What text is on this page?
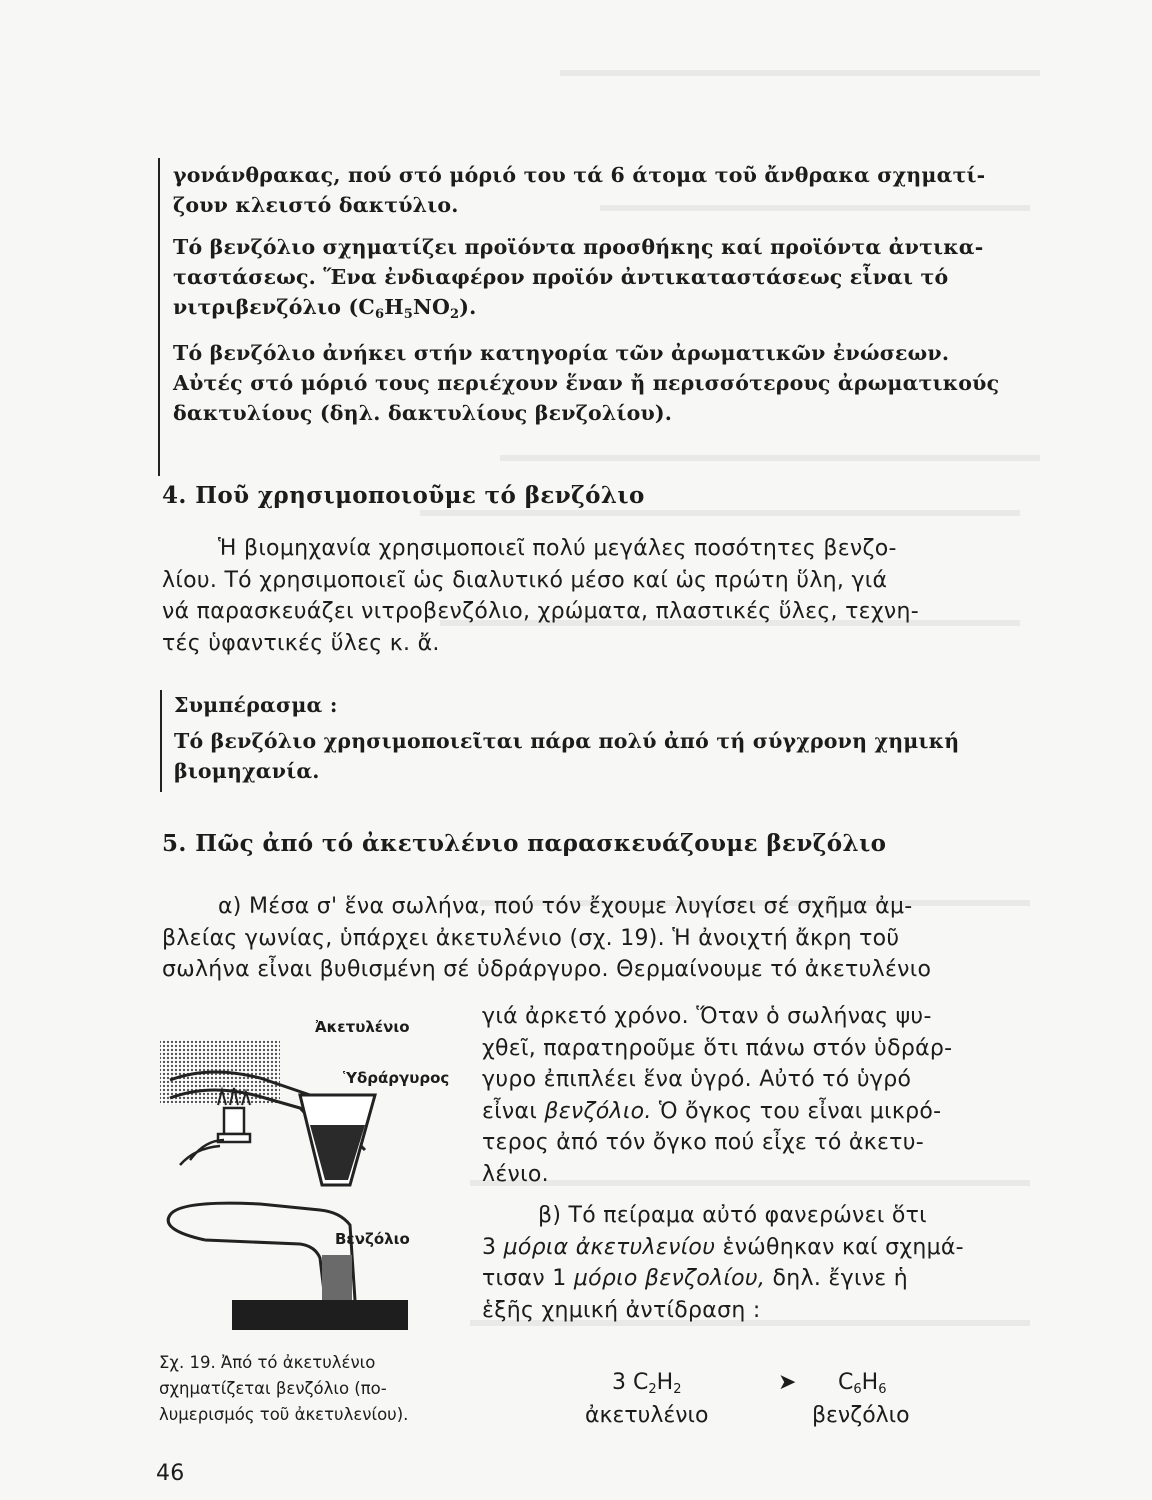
γονάνθρακας, πού στό μόριό του τά 6 άτομα τοῦ ἄνθρακα σχηματί-
ζουν κλειστό δακτύλιο.
Τό βενζόλιο σχηματίζει προϊόντα προσθήκης καί προϊόντα ἀντικα-
ταστάσεως. Ἕνα ἐνδιαφέρον προϊόν ἀντικαταστάσεως εἶναι τό
νιτριβενζόλιο $(C_6H_5NO_2)$.
Τό βενζόλιο ἀνήκει στήν κατηγορία τῶν ἀρωματικῶν ἐνώσεων.
Αὐτές στό μόριό τους περιέχουν ἕναν ἤ περισσότερους ἀρωματικούς
δακτυλίους (δηλ. δακτυλίους βενζολίου).
4. Ποῦ χρησιμοποιοῦμε τό βενζόλιο
Ἡ βιομηχανία χρησιμοποιεῖ πολύ μεγάλες ποσότητες βενζο-
λίου. Τό χρησιμοποιεῖ ὡς διαλυτικό μέσο καί ὡς πρώτη ὕλη, γιά
νά παρασκευάζει νιτροβενζόλιο, χρώματα, πλαστικές ὕλες, τεχνη-
τές ὑφαντικές ὕλες κ. ἄ.
Συμπέρασμα :
Τό βενζόλιο χρησιμοποιεῖται πάρα πολύ ἀπό τή σύγχρονη χημική
βιομηχανία.
5. Πῶς ἀπό τό ἀκετυλένιο παρασκευάζουμε βενζόλιο
α) Μέσα σ' ἕνα σωλήνα, πού τόν ἔχουμε λυγίσει σέ σχῆμα ἀμ-
βλείας γωνίας, ὑπάρχει ἀκετυλένιο (σχ. 19). Ἡ ἀνοιχτή ἄκρη τοῦ
σωλήνα εἶναι βυθισμένη σέ ὑδράργυρο. Θερμαίνουμε τό ἀκετυλένιο
γιά ἀρκετό χρόνο. Ὅταν ὁ σωλήνας ψυ-
χθεῖ, παρατηροῦμε ὅτι πάνω στόν ὑδράρ-
γυρο ἐπιπλέει ἕνα ὑγρό. Αὐτό τό ὑγρό
εἶναι βενζόλιο. Ὁ ὄγκος του εἶναι μικρό-
τερος ἀπό τόν ὄγκο πού εἶχε τό ἀκετυ-
λένιο.
β) Τό πείραμα αὐτό φανερώνει ὅτι
3 μόρια ἀκετυλενίου ἑνώθηκαν καί σχημά-
τισαν 1 μόριο βενζολίου, δηλ. ἔγινε ἡ
ἑξῆς χημική ἀντίδραση :
Ἀκετυλένιο
Ὑδράργυρος
Βενζόλιο
Σχ. 19. Ἀπό τό ἀκετυλένιο
σχηματίζεται βενζόλιο (πο-
λυμερισμός τοῦ ἀκετυλενίου).
3 $C_2H_2$	➤ $C_6H_6$
ἀκετυλένιο	βενζόλιο
46
